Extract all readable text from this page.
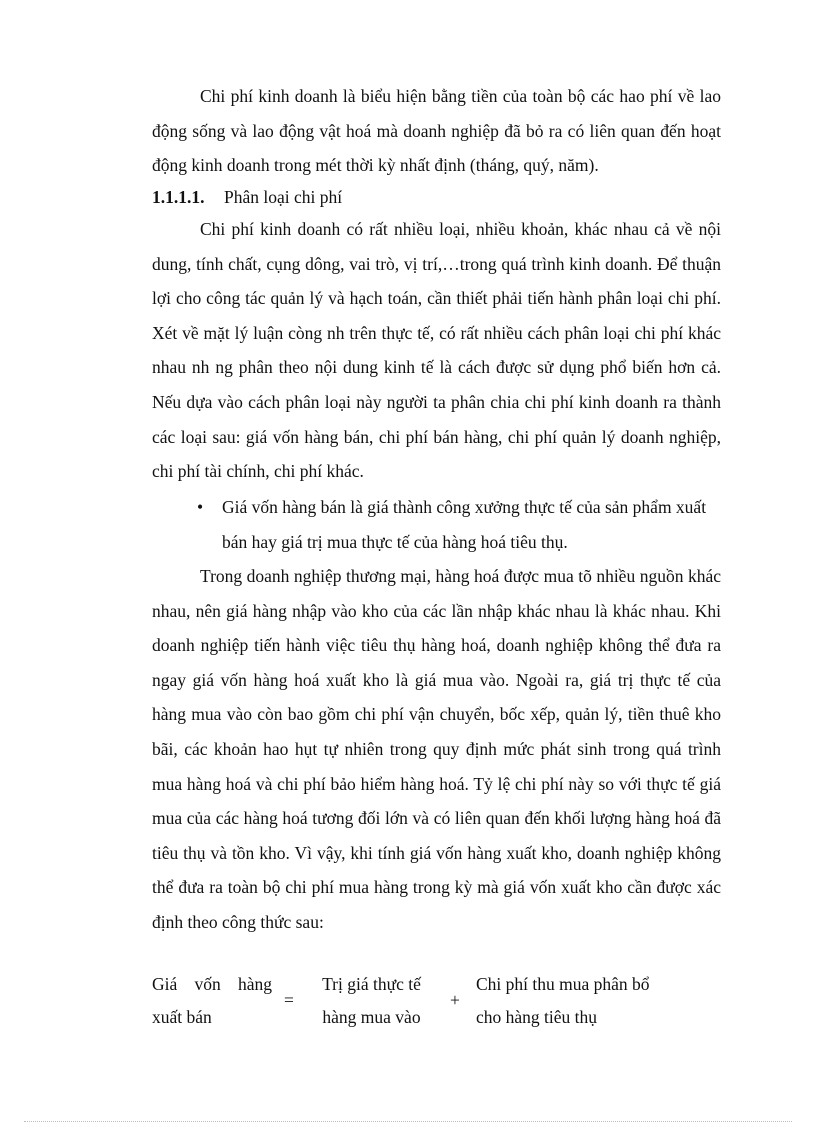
Chi phí kinh doanh là biểu hiện bằng tiền của toàn bộ các hao phí về lao động sống và lao động vật hoá mà doanh nghiệp đã bỏ ra có liên quan đến hoạt động kinh doanh trong mét thời kỳ nhất định (tháng, quý, năm).

1.1.1.1. Phân loại chi phí

Chi phí kinh doanh có rất nhiều loại, nhiều khoản, khác nhau cả về nội dung, tính chất, cụng dông, vai trò, vị trí,…trong quá trình kinh doanh. Để thuận lợi cho công tác quản lý và hạch toán, cần thiết phải tiến hành phân loại chi phí. Xét về mặt lý luận còng nh trên thực tế, có rất nhiều cách phân loại chi phí khác nhau nh ng phân theo nội dung kinh tế là cách được sử dụng phổ biến hơn cả. Nếu dựa vào cách phân loại này người ta phân chia chi phí kinh doanh ra thành các loại sau: giá vốn hàng bán, chi phí bán hàng, chi phí quản lý doanh nghiệp, chi phí tài chính, chi phí khác.

• Giá vốn hàng bán là giá thành công xưởng thực tế của sản phẩm xuất bán hay giá trị mua thực tế của hàng hoá tiêu thụ.

Trong doanh nghiệp thương mại, hàng hoá được mua tõ nhiều nguồn khác nhau, nên giá hàng nhập vào kho của các lần nhập khác nhau là khác nhau. Khi doanh nghiệp tiến hành việc tiêu thụ hàng hoá, doanh nghiệp không thể đưa ra ngay giá vốn hàng hoá xuất kho là giá mua vào. Ngoài ra, giá trị thực tế của hàng mua vào còn bao gồm chi phí vận chuyển, bốc xếp, quản lý, tiền thuê kho bãi, các khoản hao hụt tự nhiên trong quy định mức phát sinh trong quá trình mua hàng hoá và chi phí bảo hiểm hàng hoá. Tỷ lệ chi phí này so với thực tế giá mua của các hàng hoá tương đối lớn và có liên quan đến khối lượng hàng hoá đã tiêu thụ và tồn kho. Vì vậy, khi tính giá vốn hàng xuất kho, doanh nghiệp không thể đưa ra toàn bộ chi phí mua hàng trong kỳ mà giá vốn xuất kho cần được xác định theo công thức sau:

Giá vốn hàng
xuất bán
=
Trị giá thực tế
hàng mua vào
+
Chi phí thu mua phân bổ
cho hàng tiêu thụ
